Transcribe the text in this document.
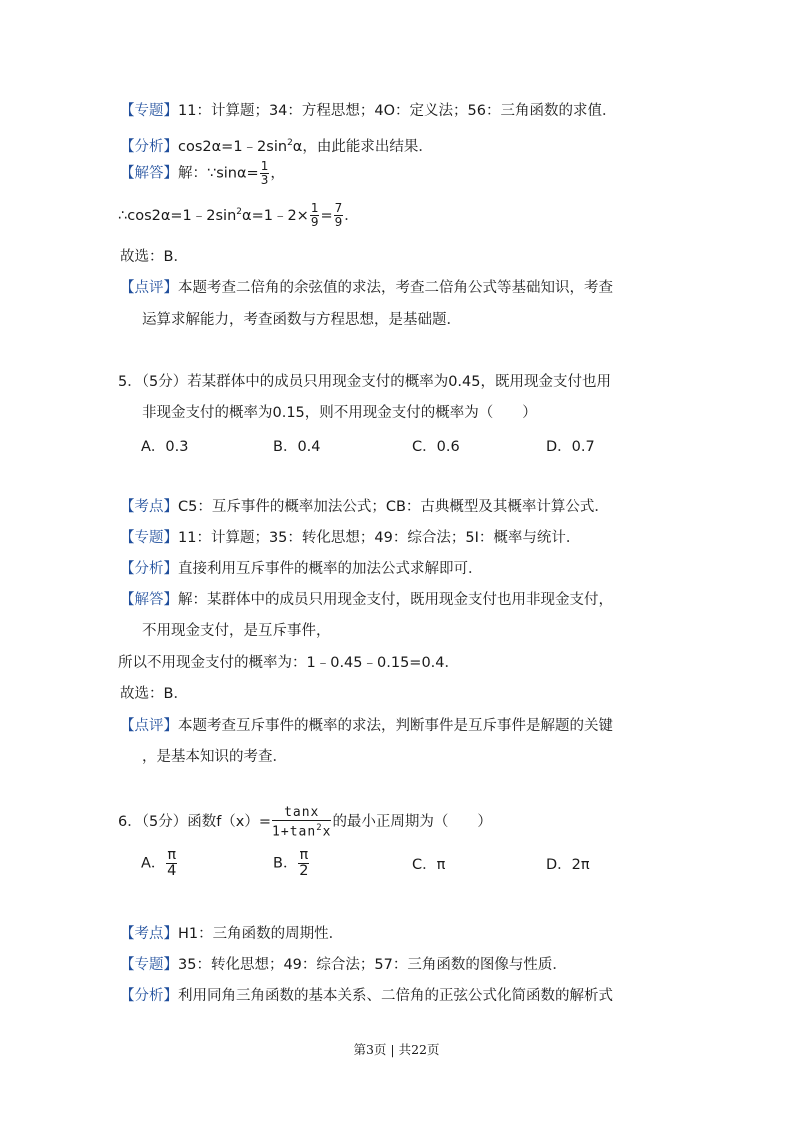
【专题】11：计算题；34：方程思想；4O：定义法；56：三角函数的求值．
【分析】$\cos 2\alpha=1﹣2\sin^2\alpha$，由此能求出结果．
【解答】解：∵sinα= $\frac{1}{3}$ ，
$\therefore\cos 2\alpha=1﹣2\sin^2\alpha=1﹣2\times \frac{1}{9} = \frac{7}{9}$ ．
故选：B．
【点评】本题考查二倍角的余弦值的求法，考查二倍角公式等基础知识，考查
运算求解能力，考查函数与方程思想，是基础题．
5．（5分）若某群体中的成员只用现金支付的概率为0.45，既用现金支付也用
非现金支付的概率为0.15，则不用现金支付的概率为（　　）
A．0.3	B．0.4	C．0.6	D．0.7
【考点】C5：互斥事件的概率加法公式；CB：古典概型及其概率计算公式．
【专题】11：计算题；35：转化思想；49：综合法；5I：概率与统计．
【分析】直接利用互斥事件的概率的加法公式求解即可．
【解答】解：某群体中的成员只用现金支付，既用现金支付也用非现金支付，
不用现金支付，是互斥事件，
所以不用现金支付的概率为：1﹣0.45﹣0.15=0.4．
故选：B．
【点评】本题考查互斥事件的概率的求法，判断事件是互斥事件是解题的关键
，是基本知识的考查．
6．（5分）函数$f(x)= \frac{\tan x}{1+\tan^2x}$ 的最小正周期为（　　）
A． $\frac{\pi}{4}$	B． $\frac{\pi}{2}$	C．π	D．2π
【考点】H1：三角函数的周期性．
【专题】35：转化思想；49：综合法；57：三角函数的图像与性质．
【分析】利用同角三角函数的基本关系、二倍角的正弦公式化简函数的解析式
第3页 | 共22页
